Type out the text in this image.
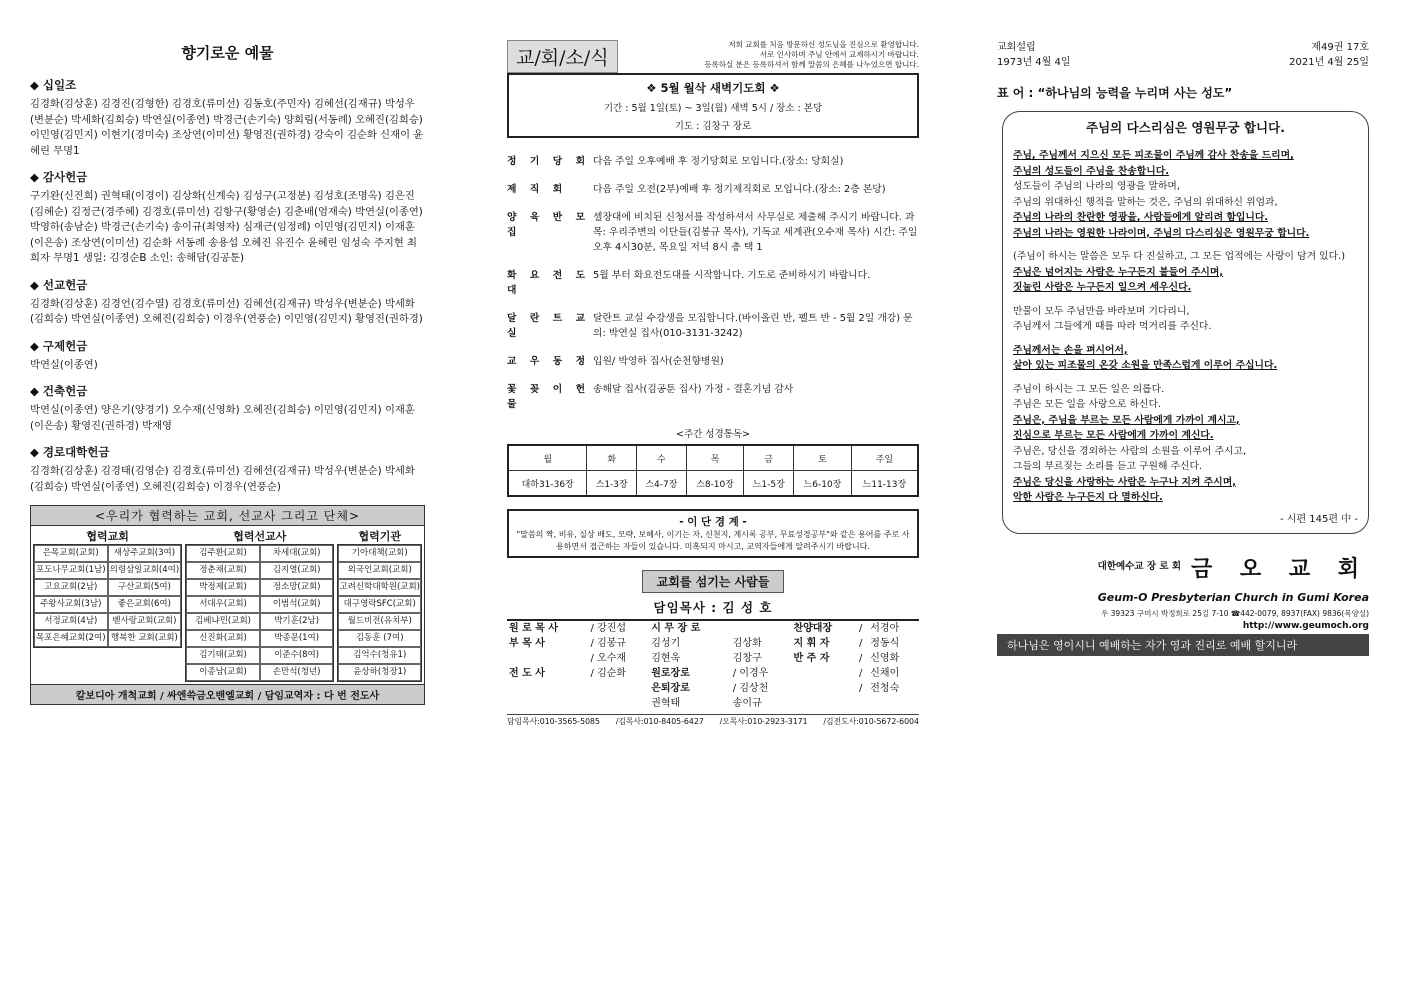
향기로운 예물
◆ 십일조

김경화(김상훈) 김경진(김형한) 김경호(류미선) 김동호(주민자) 김혜선(김재규) 박성우(변분순) 박세화(김희승) 박연실(이종연) 박경근(손기숙) 양희림(서동례) 오혜진(김희승) 이민영(김민지) 이현기(경미숙) 조상연(이미선) 황영진(권하경) 강숙이 김순화 신재이 윤혜린 무명1

◆ 감사헌금

구기완(신진희) 권혁태(이경이) 김상화(신계숙) 김성구(고정분) 김성호(조명옥) 김은진(김혜순) 김정근(경주혜) 김경호(류미선) 김항구(황영순) 김춘배(엄재숙) 박연실(이종연) 박영하(송남순) 박경근(손기숙) 송이규(최영자) 심재근(임정례) 이민영(김민지) 이재훈(이은송) 조상연(이미선) 김순화 서동례 송용섭 오혜진 유진수 윤혜린 임성숙 주지현 최희자 무명1 생일: 김경순B 소인: 송해담(김공툰)

◆ 선교헌금

김경화(김상훈) 김경언(김수열) 김경호(류미선) 김혜선(김재규) 박성우(변분순) 박세화(김희승) 박연실(이종연) 오혜진(김희승) 이경우(연풍순) 이민영(김민지) 황영진(권하경)

◆ 구제헌금

박연실(이종연)

◆ 건축헌금

박연실(이종연) 양은기(양경기) 오수재(신영화) 오혜진(김희승) 이민영(김민지) 이재훈(이은송) 황영진(권하경) 박재영

◆ 경로대학헌금

김경화(김상훈) 김경태(김영순) 김경호(류미선) 김혜선(김재규) 박성우(변분순) 박세화(김희승) 박연실(이종연) 오혜진(김희승) 이경우(연풍순)

<우리가 협력하는 교회, 선교사 그리고 단체>
협력교회
은목교회(교회)	새상주교회(3여)
포도나무교회(1남) 의령삼일교회(4여)
고요교회(2남)	구산교회(5여)
주왕사교회(3남)	좋은교회(6여)
서정교회(4남)	벧사랑교회(교회)
목포은혜교회(2여) 행복한 교회(교회)
협력선교사
김주환(교회)	차세대(교회)
정춘채(교회)	김지열(교회)
박정제(교회)	정소망(교회)
서대우(교회)	이범석(교회)
김베냐민(교회)	박기훈(2남)
신진화(교회)	박종문(1여)
김기태(교회)	이준수(8여)
이종남(교회)	손만석(청년)
협력기관
기아대책(교회)
외국인교회(교회)
고려신학대학원(교회)
대구영락SFC(교회)
월드비전(유치부)
김동훈 (7여)
김억수(청유1)
윤상하(청장1)
칼보디아 개척교회 / 싸엔쓱금오밴엘교회 / 담임교역자 : 다 번 전도사
교/회/소/식
저희 교회를 처음 방문하신 성도님을 진심으로 환영합니다.
서로 인사하며 주님 안에서 교제하시기 바랍니다.
등록하실 분은 등록하셔서 함께 말씀의 은혜를 나누었으면 합니다.
❖ 5월 월삭 새벽기도회 ❖
기간 : 5월 1일(토) ~ 3일(월) 새벽 5시 / 장소 : 본당
기도 : 김창구 장로
정 기 당 회 다음 주일 오후예배 후 정기당회로 모입니다.(장소: 당회실)
제 직 회	다음 주일 오전(2부)예배 후 정기제직회로 모입니다.(장소: 2층 본당)
양 육 반 모 집
셀장대에 비치된 신청서를 작성하셔서 사무실로 제출해 주시기 바랍니다. 과목: 우리주변의 이단들(김봉규 목사), 기독교 세계관(오수재 목사) 시간: 주일 오후 4시30분, 목요일 저녁 8시 총 택 1
화 요 전 도 대
5월 부터 화요전도대를 시작합니다. 기도로 준비하시기 바랍니다.
달 란 트 교 실
달란트 교실 수강생을 모집합니다.(바이올린 반, 펠트 반 - 5월 2일 개강) 문의: 박연실 집사(010-3131-3242)
교 우 동 정 입원/ 박영하 집사(순천향병원)
꽃 꽂 이 헌 물
송해달 집사(김공툰 집사) 가정 - 결혼기념 감사
<주간 성경통독>
월	화	수	목	금	토	주일
대하31-36장	스1-3장	스4-7장	스8-10장	느1-5장	느6-10장	느11-13장
- 이 단 경 계 -
"말씀의 짝, 비유, 실상 배도, 모략, 보혜사, 이기는 자, 신천지, 계시록 공부, 무료성경공부"와 같은 용어를 주로 사용하면서 접근하는 자들이 있습니다. 미혹되지 마시고, 교역자들에게 알려주시기 바랍니다.
교회를 섬기는 사람들
담임목사 : 김 성 호
원 로 목 사	/ 강진섭	시 무 장 로		찬양대장	/	서경아
부 목 사	/ 김봉규	김성기	김상화	지 휘 자	/	정동식
	/ 오수재	김현욱	김창구	반 주 자	/	신영화
전 도 사	/ 김순화	원로장로	/ 이경우		/	신채이
		은퇴장로	/ 김상천		/	전청숙
		권혁태	송이규			
담임목사:010-3565-5085 /김목사:010-8405-6427 /오목사:010-2923-3171 /김전도사:010-5672-6004
교회설립	제49권 17호
1973년 4월 4일	2021년 4월 25일
표 어 : “하나님의 능력을 누리며 사는 성도”
주님의 다스리심은 영원무궁 합니다.

주님, 주님께서 지으신 모든 피조물이 주님께 감사 찬송을 드리며,

주님의 성도들이 주님을 찬송합니다.

성도들이 주님의 나라의 영광을 말하며,

주님의 위대하신 행적을 말하는 것은, 주님의 위대하신 위엄과,

주님의 나라의 찬란한 영광을, 사람들에게 알리려 함입니다.

주님의 나라는 영원한 나라이며, 주님의 다스리심은 영원무궁 합니다.

(주님이 하시는 말씀은 모두 다 진실하고, 그 모든 업적에는 사랑이 담겨 있다.)

주님은 넘어지는 사람은 누구든지 붙들어 주시며,

짓눌린 사람은 누구든지 일으켜 세우신다.

만물이 모두 주님만을 바라보며 기다리니,

주님께서 그들에게 때를 따라 먹거리를 주신다.

주님께서는 손을 펴시어서,

살아 있는 피조물의 온갖 소원을 만족스럽게 이루어 주십니다.

주님이 하시는 그 모든 일은 의롭다.

주님은 모든 일을 사랑으로 하신다.

주님은, 주님을 부르는 모든 사람에게 가까이 계시고,

진심으로 부르는 모든 사람에게 가까이 계신다.

주님은, 당신을 경외하는 사람의 소원을 이루어 주시고,

그들의 부르짖는 소리를 듣고 구원해 주신다.

주님은 당신을 사랑하는 사람은 누구나 지켜 주시며,

악한 사람은 누구든지 다 멸하신다.

- 시편 145편 中 -
대한예수교 장 로 회 금 오 교 회
Geum-O Presbyterian Church in Gumi Korea
우 39323 구미시 박정희로 25길 7-10 ☎442-0079, 8937(FAX) 9836(목양실)
http://www.geumoch.org
하나님은 영이시니 예배하는 자가 영과 진리로 예배 할지니라
